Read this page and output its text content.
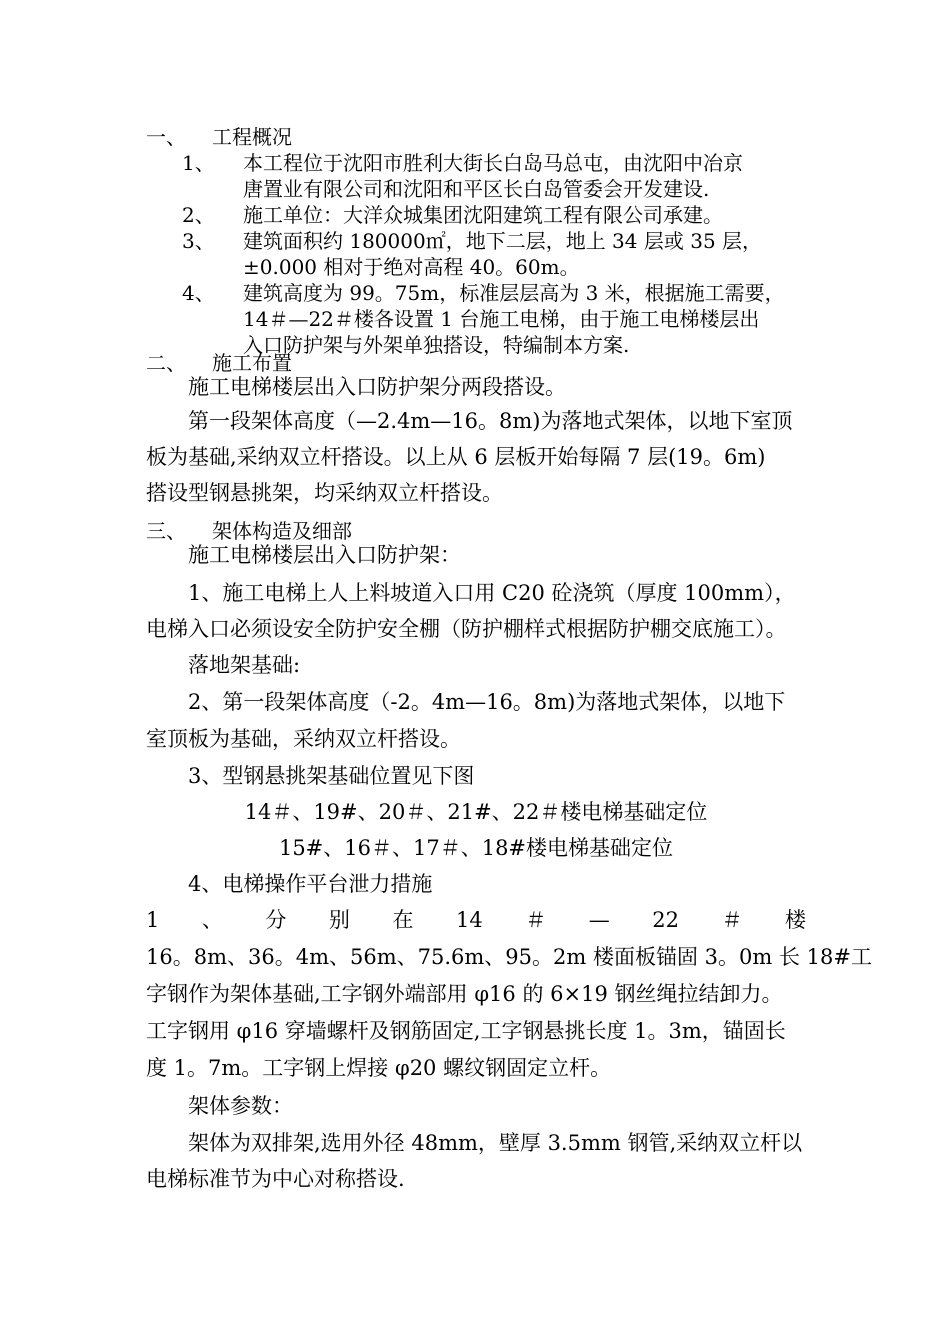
一、 工程概况
1、 本工程位于沈阳市胜利大街长白岛马总屯，由沈阳中冶京
唐置业有限公司和沈阳和平区长白岛管委会开发建设.
2、 施工单位：大洋众城集团沈阳建筑工程有限公司承建。
3、 建筑面积约 180000㎡，地下二层，地上 34 层或 35 层，
±0.000 相对于绝对高程 40。60m。
4、 建筑高度为 99。75m，标准层层高为 3 米，根据施工需要，
14＃—22＃楼各设置 1 台施工电梯，由于施工电梯楼层出
入口防护架与外架单独搭设，特编制本方案.
二、 施工布置
施工电梯楼层出入口防护架分两段搭设。
第一段架体高度（—2.4m—16。8m)为落地式架体，以地下室顶
板为基础,采纳双立杆搭设。以上从 6 层板开始每隔 7 层(19。6m)
搭设型钢悬挑架，均采纳双立杆搭设。
三、 架体构造及细部
施工电梯楼层出入口防护架：
1、施工电梯上人上料坡道入口用 C20 砼浇筑（厚度 100mm），
电梯入口必须设安全防护安全棚（防护棚样式根据防护棚交底施工）。
落地架基础:
2、第一段架体高度（-2。4m—16。8m)为落地式架体，以地下
室顶板为基础，采纳双立杆搭设。
3、型钢悬挑架基础位置见下图
14＃、19#、20＃、21#、22＃楼电梯基础定位
15#、16＃、17＃、18#楼电梯基础定位
4、电梯操作平台泄力措施
1 、 分 别 在 14 ＃ — 22 ＃ 楼
16。8m、36。4m、56m、75.6m、95。2m 楼面板锚固 3。0m 长 18#工
字钢作为架体基础,工字钢外端部用 φ16 的 6×19 钢丝绳拉结卸力。
工字钢用 φ16 穿墙螺杆及钢筋固定,工字钢悬挑长度 1。3m，锚固长
度 1。7m。工字钢上焊接 φ20 螺纹钢固定立杆。
架体参数：
架体为双排架,选用外径 48mm，壁厚 3.5mm 钢管,采纳双立杆以
电梯标准节为中心对称搭设.
